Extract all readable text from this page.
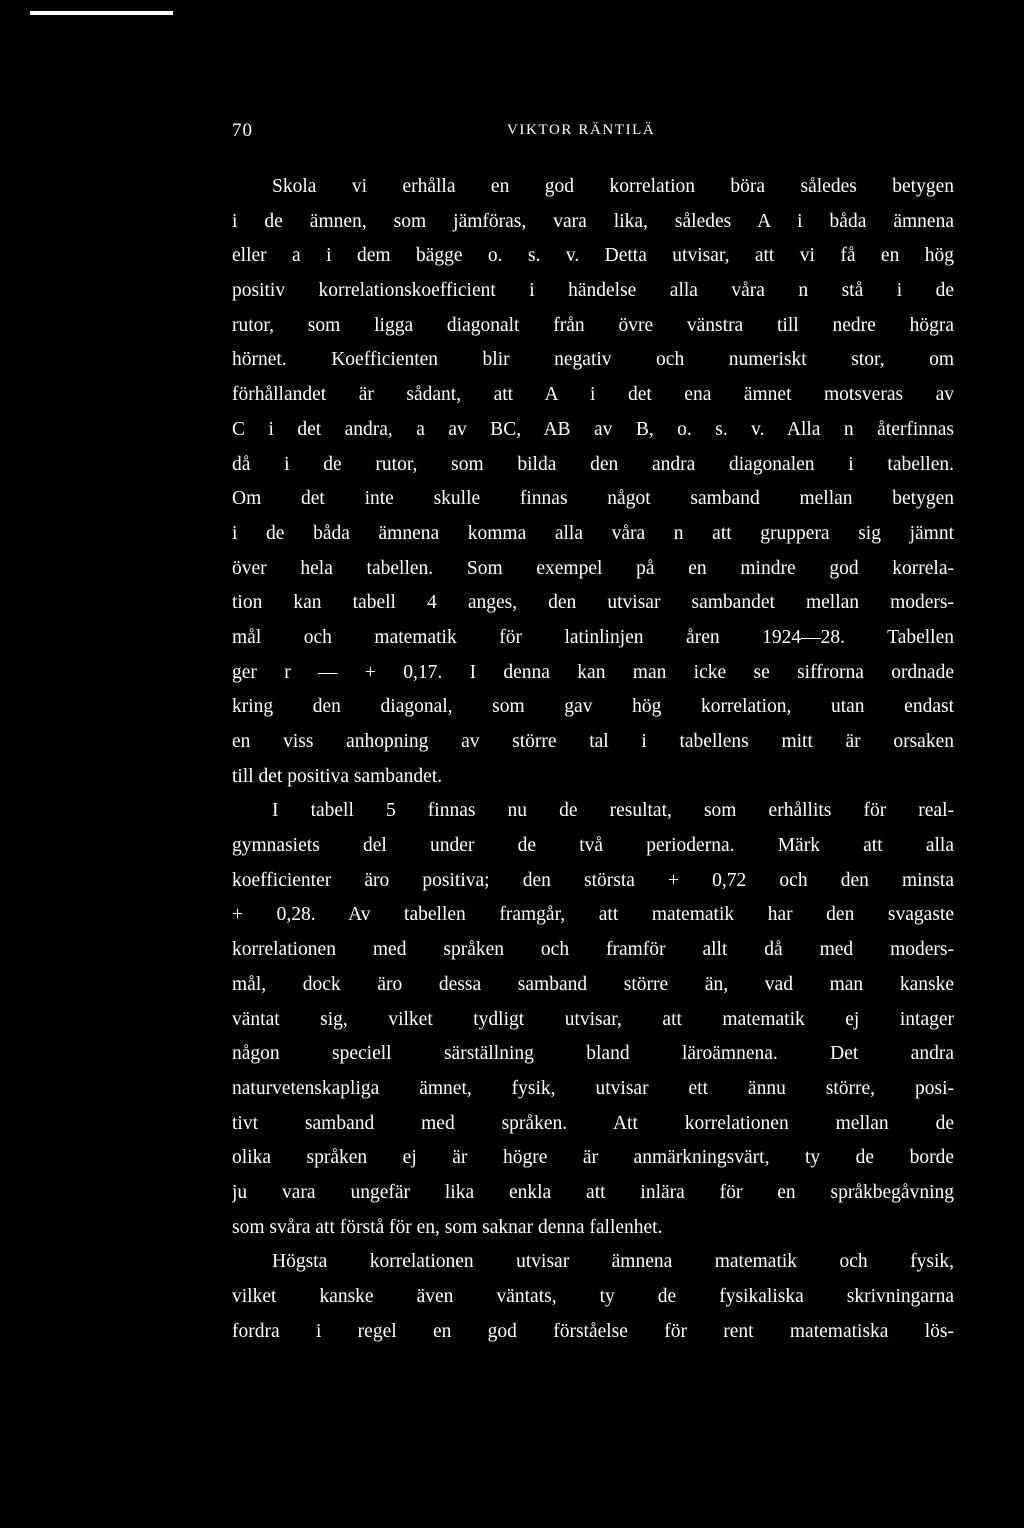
70	VIKTOR RÄNTILÄ
Skola vi erhålla en god korrelation böra således betygen
i de ämnen, som jämföras, vara lika, således A i båda ämnena
eller a i dem bägge o. s. v. Detta utvisar, att vi få en hög
positiv korrelationskoefficient i händelse alla våra n stå i de
rutor, som ligga diagonalt från övre vänstra till nedre högra
hörnet. Koefficienten blir negativ och numeriskt stor, om
förhållandet är sådant, att A i det ena ämnet motsveras av
C i det andra, a av BC, AB av B, o. s. v. Alla n återfinnas
då i de rutor, som bilda den andra diagonalen i tabellen.
Om det inte skulle finnas något samband mellan betygen
i de båda ämnena komma alla våra n att gruppera sig jämnt
över hela tabellen. Som exempel på en mindre god korrela-
tion kan tabell 4 anges, den utvisar sambandet mellan moders-
mål och matematik för latinlinjen åren 1924—28. Tabellen
ger r — + 0,17. I denna kan man icke se siffrorna ordnade
kring den diagonal, som gav hög korrelation, utan endast
en viss anhopning av större tal i tabellens mitt är orsaken
till det positiva sambandet.
I tabell 5 finnas nu de resultat, som erhållits för real-
gymnasiets del under de två perioderna. Märk att alla
koefficienter äro positiva; den största + 0,72 och den minsta
+ 0,28. Av tabellen framgår, att matematik har den svagaste
korrelationen med språken och framför allt då med moders-
mål, dock äro dessa samband större än, vad man kanske
väntat sig, vilket tydligt utvisar, att matematik ej intager
någon speciell särställning bland läroämnena. Det andra
naturvetenskapliga ämnet, fysik, utvisar ett ännu större, posi-
tivt samband med språken. Att korrelationen mellan de
olika språken ej är högre är anmärkningsvärt, ty de borde
ju vara ungefär lika enkla att inlära för en språkbegåvning
som svåra att förstå för en, som saknar denna fallenhet.
Högsta korrelationen utvisar ämnena matematik och fysik,
vilket kanske även väntats, ty de fysikaliska skrivningarna
fordra i regel en god förståelse för rent matematiska lös-
